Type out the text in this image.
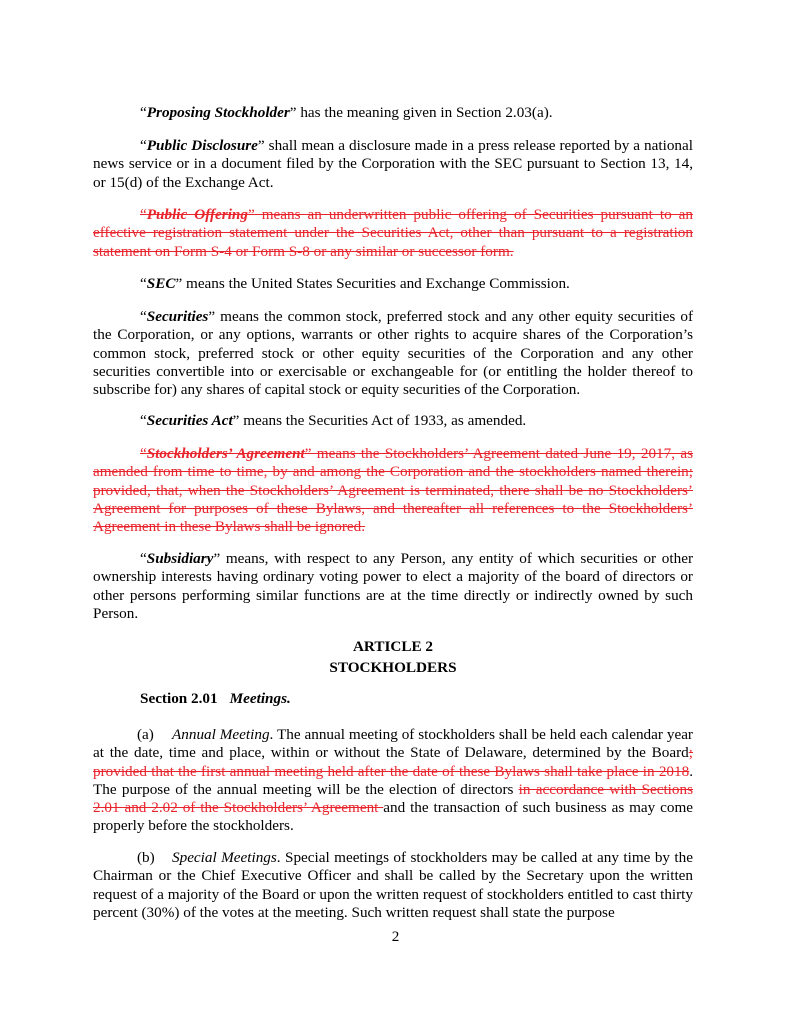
“Proposing Stockholder” has the meaning given in Section 2.03(a).

“Public Disclosure” shall mean a disclosure made in a press release reported by a national news service or in a document filed by the Corporation with the SEC pursuant to Section 13, 14, or 15(d) of the Exchange Act.

“Public Offering” means an underwritten public offering of Securities pursuant to an effective registration statement under the Securities Act, other than pursuant to a registration statement on Form S-4 or Form S-8 or any similar or successor form.

“SEC” means the United States Securities and Exchange Commission.

“Securities” means the common stock, preferred stock and any other equity securities of the Corporation, or any options, warrants or other rights to acquire shares of the Corporation’s common stock, preferred stock or other equity securities of the Corporation and any other securities convertible into or exercisable or exchangeable for (or entitling the holder thereof to subscribe for) any shares of capital stock or equity securities of the Corporation.

“Securities Act” means the Securities Act of 1933, as amended.

“Stockholders’ Agreement” means the Stockholders’ Agreement dated June 19, 2017, as amended from time to time, by and among the Corporation and the stockholders named therein; provided, that, when the Stockholders’ Agreement is terminated, there shall be no Stockholders’ Agreement for purposes of these Bylaws, and thereafter all references to the Stockholders’ Agreement in these Bylaws shall be ignored.

“Subsidiary” means, with respect to any Person, any entity of which securities or other ownership interests having ordinary voting power to elect a majority of the board of directors or other persons performing similar functions are at the time directly or indirectly owned by such Person.

ARTICLE 2

STOCKHOLDERS

Section 2.01 Meetings.

(a) Annual Meeting. The annual meeting of stockholders shall be held each calendar year at the date, time and place, within or without the State of Delaware, determined by the Board; provided that the first annual meeting held after the date of these Bylaws shall take place in 2018. The purpose of the annual meeting will be the election of directors in accordance with Sections 2.01 and 2.02 of the Stockholders’ Agreement and the transaction of such business as may come properly before the stockholders.

(b) Special Meetings. Special meetings of stockholders may be called at any time by the Chairman or the Chief Executive Officer and shall be called by the Secretary upon the written request of a majority of the Board or upon the written request of stockholders entitled to cast thirty percent (30%) of the votes at the meeting. Such written request shall state the purpose

2
